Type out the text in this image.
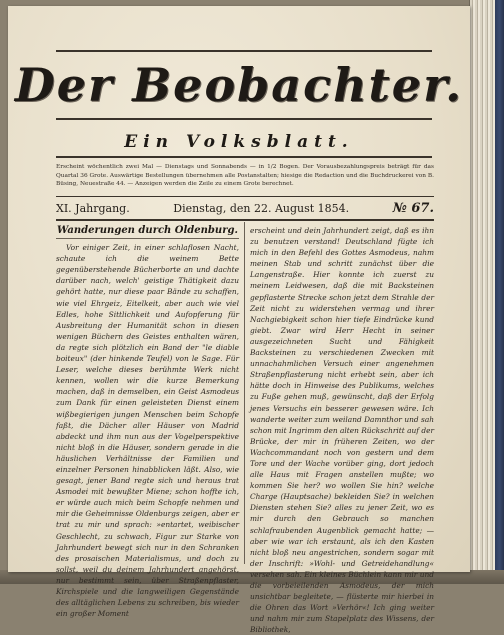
Der Beobachter.
Ein Volksblatt.
Erscheint wöchentlich zwei Mal — Dienstags und Sonnabends — in 1/2 Bogen. Der Vorausbezahlungspreis beträgt für das Quartal 36 Grote. Auswärtige Bestellungen übernehmen alle Postanstalten; hiesige die Redaction und die Buchdruckerei von B. Büsing, Neuestraße 44. — Anzeigen werden die Zeile zu einem Grote berechnet.
XI. Jahrgang.	Dienstag, den 22. August 1854.	№ 67.
Wanderungen durch Oldenburg.

Vor einiger Zeit, in einer schlaflosen Nacht, schaute ich die weinem Bette gegenüberstehende Bücherborte an und dachte darüber nach, welch' geistige Thätigkeit dazu gehört hatte, nur diese paar Bände zu schaffen, wie viel Ehrgeiz, Eitelkeit, aber auch wie viel Edles, hohe Sittlichkeit und Aufopferung für Ausbreitung der Humanität schon in diesen wenigen Büchern des Geistes enthalten wären, da regte sich plötzlich ein Band der "le diable boiteux" (der hinkende Teufel) von le Sage. Für Leser, welche dieses berühmte Werk nicht kennen, wollen wir die kurze Bemerkung machen, daß in demselben, ein Geist Asmodeus zum Dank für einen geleisteten Dienst einem wißbegierigen jungen Menschen beim Schopfe faßt, die Dächer aller Häuser von Madrid abdeckt und ihm nun aus der Vogelperspektive nicht bloß in die Häuser, sondern gerade in die häuslichen Verhältnisse der Familien und einzelner Personen hinabblicken läßt. Also, wie gesagt, jener Band regte sich und heraus trat Asmodei mit bewußter Miene; schon hoffte ich, er würde auch mich beim Schopfe nehmen und mir die Geheimnisse Oldenburgs zeigen, aber er trat zu mir und sprach: »entartet, weibischer Geschlecht, zu schwach, Figur zur Starke von Jahrhundert bewegt sich nur in den Schranken des prosaischen Materialismus, und doch zu sollst, weil du deinem Jahrhundert angehörst, nur bestimmt sein, über Straßenpflaster, Kirchspiele und die langweiligen Gegenstände des alltäglichen Lebens zu schreiben, bis wieder ein großer Moment

erscheint und dein Jahrhundert zeigt, daß es ihn zu benutzen verstand! Deutschland fügte ich mich in den Befehl des Gottes Asmodeus, nahm meinen Stab und schritt zunächst über die Langenstraße. Hier konnte ich zuerst zu meinem Leidwesen, daß die mit Backsteinen gepflasterte Strecke schon jetzt dem Strahle der Zeit nicht zu widerstehen vermag und ihrer Nachgiebigkeit schon hier tiefe Eindrücke kund giebt. Zwar wird Herr Hecht in seiner ausgezeichneten Sucht und Fähigkeit Backsteinen zu verschiedenen Zwecken mit unnachahmlichen Versuch einer angenehmen Straßenpflasterung nicht erhebt sein, aber ich hätte doch in Hinweise des Publikums, welches zu Fuße gehen muß, gewünscht, daß der Erfolg jenes Versuchs ein besserer gewesen wäre. Ich wanderte weiter zum weiland Damnthor und sah schon mit Ingrimm den alten Rückschritt auf der Brücke, der mir in früheren Zeiten, wo der Wachcommandant noch von gestern und dem Tore und der Wache vorüber ging, dort jedoch alle Haus mit Fragen anstellen mußte; wo kommen Sie her? wo wollen Sie hin? welche Charge (Hauptsache) bekleiden Sie? in welchen Diensten stehen Sie? alles zu jener Zeit, wo es mir durch den Gebrauch so manchen schlafraubenden Augenblick gemacht hatte; — aber wie war ich erstaunt, als ich den Kasten nicht bloß neu angestrichen, sondern sogar mit der Inschrift: »Wohl- und Getreidehandlung« versehen sah. Ein kleines Büchlein kann mir und die vorbeieilenden Asmodeus, der mich unsichtbar begleitete, — flüsterte mir hierbei in die Ohren das Wort »Verhör«! Ich ging weiter und nahm mir zum Stapelplatz des Wissens, der Bibliothek,
